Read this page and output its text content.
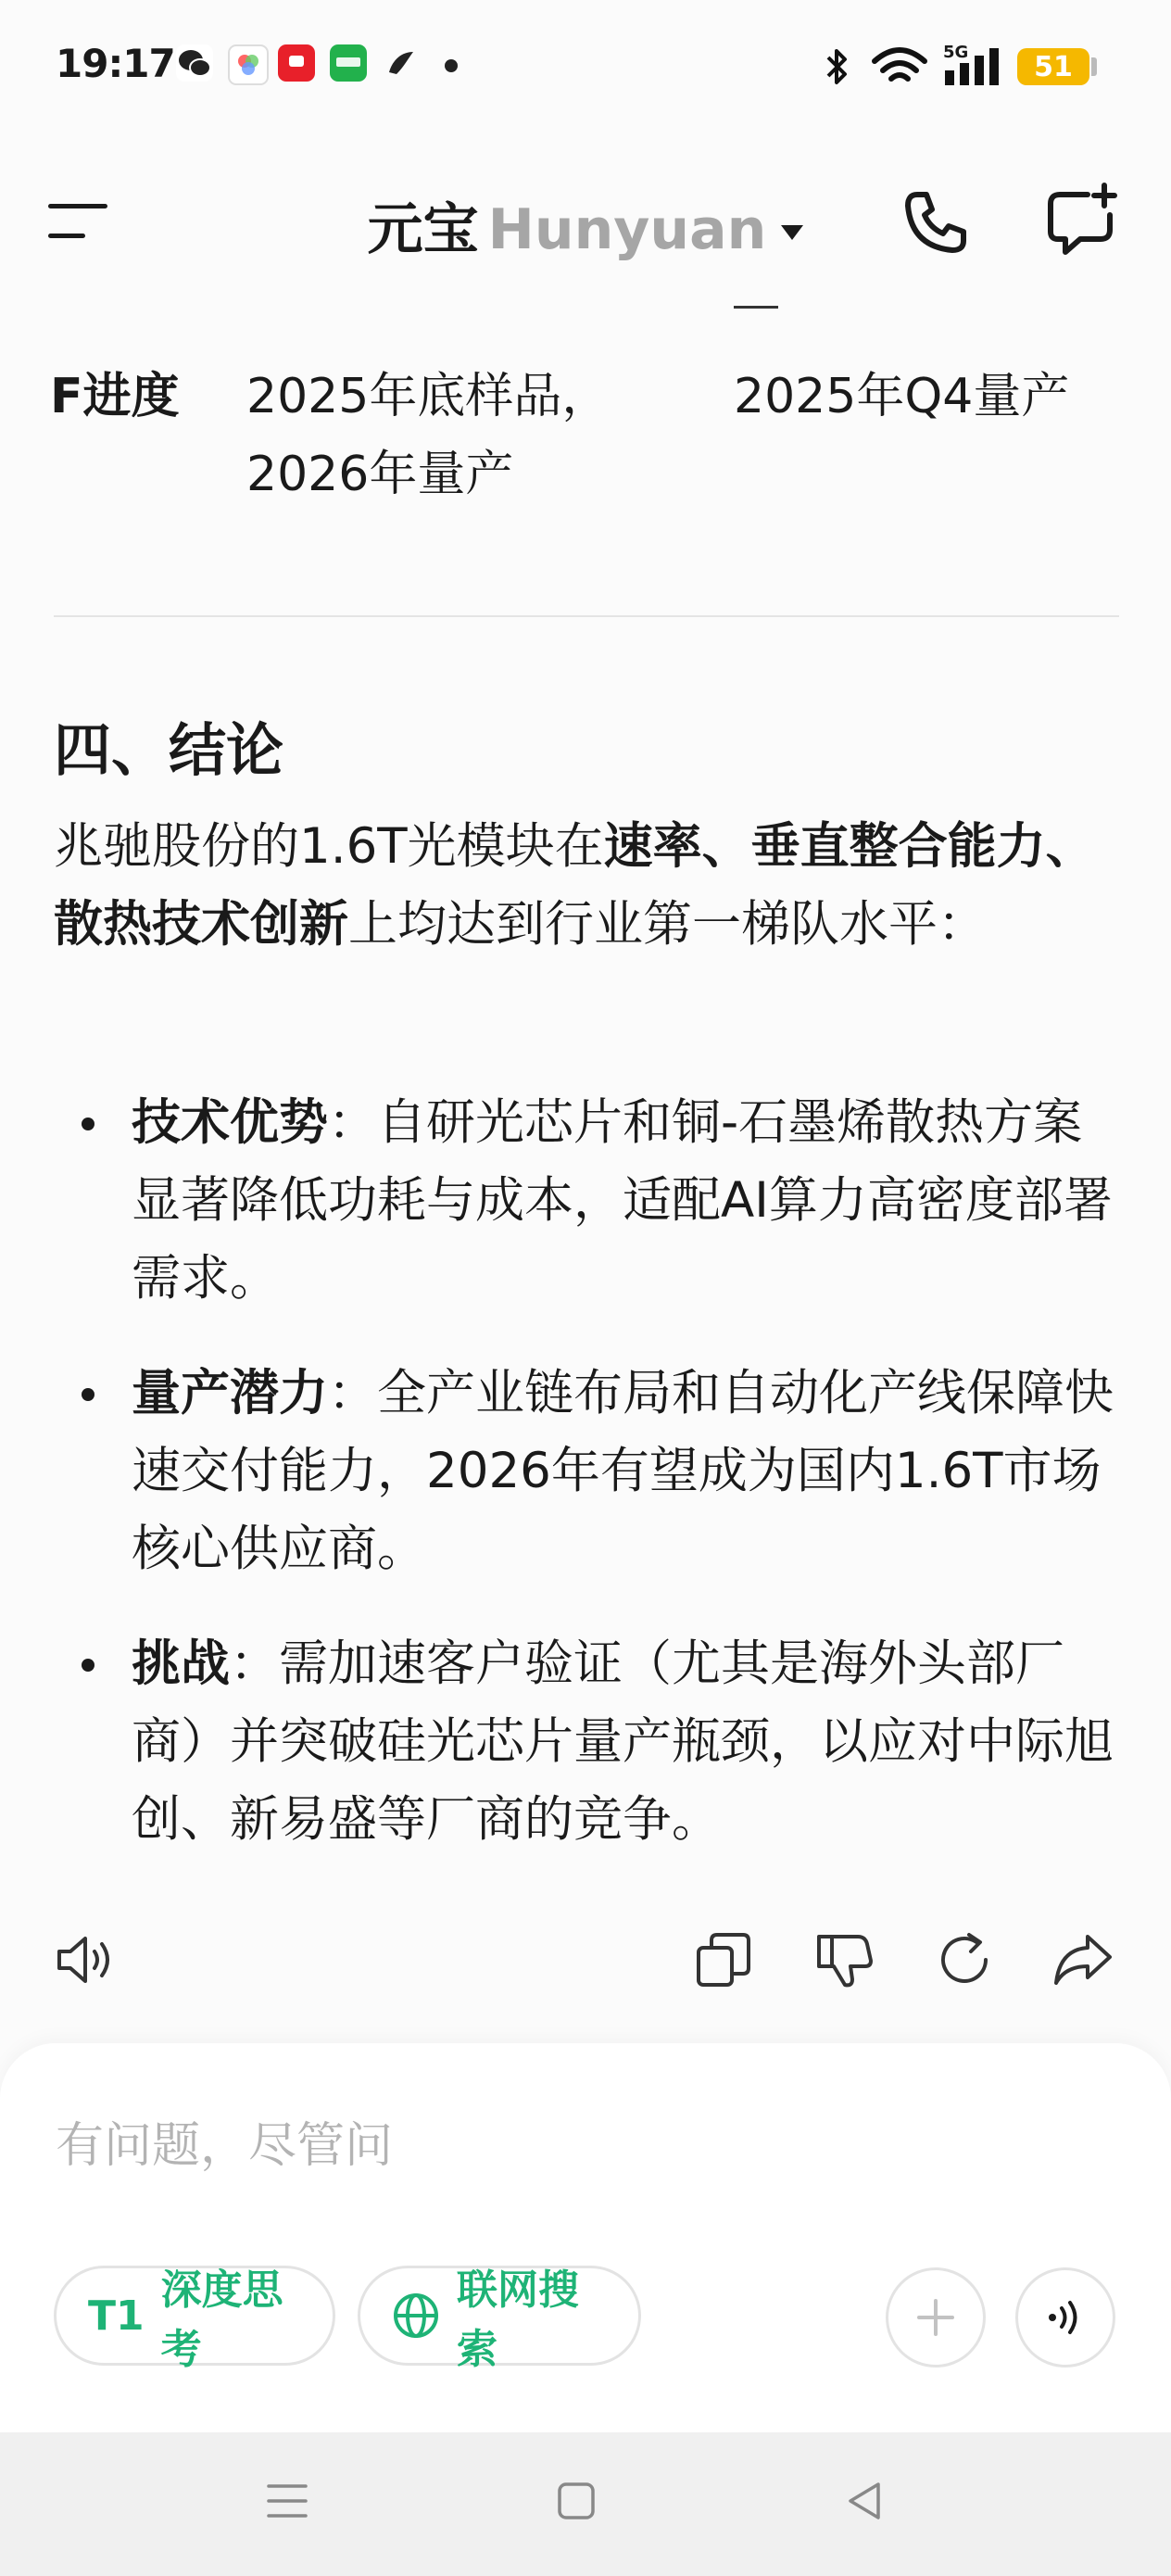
19:17	5G	51
元宝 Hunyuan
F进度 2025年底样品，2026年量产
2025年Q4量产
四、结论
兆驰股份的1.6T光模块在速率、垂直整合能力、散热技术创新上均达到行业第一梯队水平：
技术优势：自研光芯片和铜-石墨烯散热方案显著降低功耗与成本，适配AI算力高密度部署需求。
量产潜力：全产业链布局和自动化产线保障快速交付能力，2026年有望成为国内1.6T市场核心供应商。
挑战：需加速客户验证（尤其是海外头部厂商）并突破硅光芯片量产瓶颈，以应对中际旭创、新易盛等厂商的竞争。
有问题，尽管问
T1
深度思考
联网搜索
